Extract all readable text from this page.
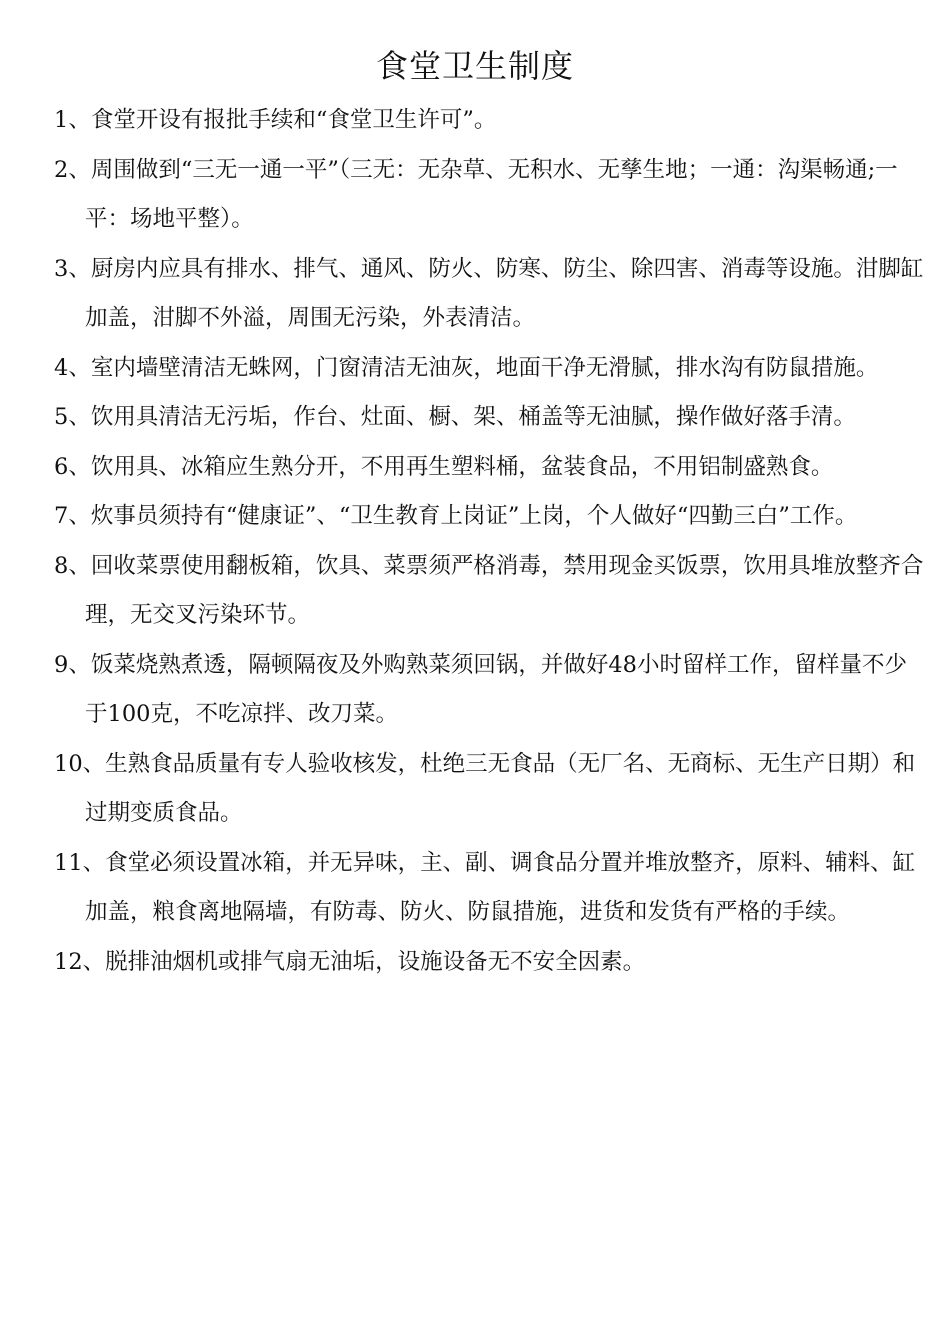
食堂卫生制度
1、食堂开设有报批手续和“食堂卫生许可”。
2、周围做到“三无一通一平”（三无：无杂草、无积水、无孳生地；一通：沟渠畅通;一平：场地平整）。
3、厨房内应具有排水、排气、通风、防火、防寒、防尘、除四害、消毒等设施。泔脚缸加盖，泔脚不外溢，周围无污染，外表清洁。
4、室内墙壁清洁无蛛网，门窗清洁无油灰，地面干净无滑腻，排水沟有防鼠措施。
5、饮用具清洁无污垢，作台、灶面、橱、架、桶盖等无油腻，操作做好落手清。
6、饮用具、冰箱应生熟分开，不用再生塑料桶，盆装食品，不用铝制盛熟食。
7、炊事员须持有“健康证”、“卫生教育上岗证”上岗，个人做好“四勤三白”工作。
8、回收菜票使用翻板箱，饮具、菜票须严格消毒，禁用现金买饭票，饮用具堆放整齐合理，无交叉污染环节。
9、饭菜烧熟煮透，隔顿隔夜及外购熟菜须回锅，并做好48小时留样工作，留样量不少于100克，不吃凉拌、改刀菜。
10、生熟食品质量有专人验收核发，杜绝三无食品（无厂名、无商标、无生产日期）和过期变质食品。
11、食堂必须设置冰箱，并无异味，主、副、调食品分置并堆放整齐，原料、辅料、缸加盖，粮食离地隔墙，有防毒、防火、防鼠措施，进货和发货有严格的手续。
12、脱排油烟机或排气扇无油垢，设施设备无不安全因素。
